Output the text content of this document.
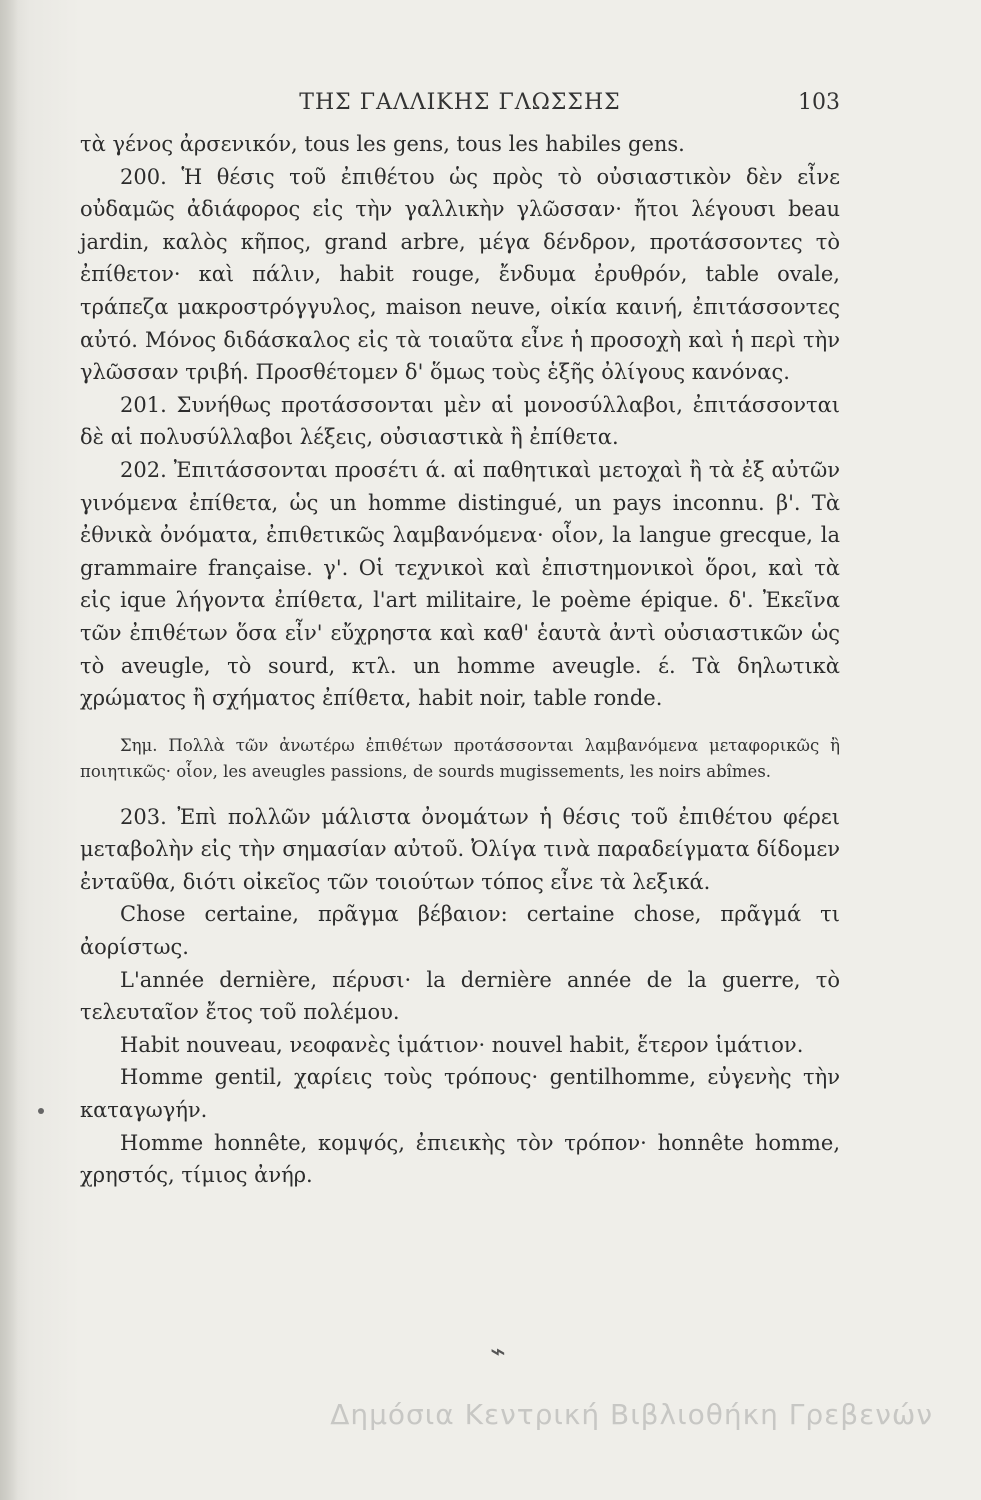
ΤΗΣ ΓΑΛΛΙΚΗΣ ΓΛΩΣΣΗΣ	103

τὰ γένος ἀρσενικόν, tous les gens, tous les habiles gens.

200. Ἡ θέσις τοῦ ἐπιθέτου ὡς πρὸς τὸ οὐσιαστικὸν δὲν εἶνε οὐδαμῶς ἀδιάφορος εἰς τὴν γαλλικὴν γλῶσσαν· ἤτοι λέγουσι beau jardin, καλὸς κῆπος, grand arbre, μέγα δένδρον, προτάσσοντες τὸ ἐπίθετον· καὶ πάλιν, habit rouge, ἔνδυμα ἐρυθρόν, table ovale, τράπεζα μακροστρόγγυλος, maison neuve, οἰκία καινή, ἐπιτάσσοντες αὐτό. Μόνος διδάσκαλος εἰς τὰ τοιαῦτα εἶνε ἡ προσοχὴ καὶ ἡ περὶ τὴν γλῶσσαν τριβή. Προσθέτομεν δ' ὅμως τοὺς ἑξῆς ὀλίγους κανόνας.

201. Συνήθως προτάσσονται μὲν αἱ μονοσύλλαβοι, ἐπιτάσσονται δὲ αἱ πολυσύλλαβοι λέξεις, οὐσιαστικὰ ἢ ἐπίθετα.

202. Ἐπιτάσσονται προσέτι ά. αἱ παθητικαὶ μετοχαὶ ἢ τὰ ἐξ αὐτῶν γινόμενα ἐπίθετα, ὡς un homme distingué, un pays inconnu. β'. Τὰ ἐθνικὰ ὀνόματα, ἐπιθετικῶς λαμβανόμενα· οἷον, la langue grecque, la grammaire française. γ'. Οἱ τεχνικοὶ καὶ ἐπιστημονικοὶ ὅροι, καὶ τὰ εἰς ique λήγοντα ἐπίθετα, l'art militaire, le poème épique. δ'. Ἐκεῖνα τῶν ἐπιθέτων ὅσα εἶν' εὔχρηστα καὶ καθ' ἑαυτὰ ἀντὶ οὐσιαστικῶν ὡς τὸ aveugle, τὸ sourd, κτλ. un homme aveugle. έ. Τὰ δηλωτικὰ χρώματος ἢ σχήματος ἐπίθετα, habit noir, table ronde.

Σημ. Πολλὰ τῶν ἀνωτέρω ἐπιθέτων προτάσσονται λαμβανόμενα μεταφορικῶς ἢ ποιητικῶς· οἷον, les aveugles passions, de sourds mugissements, les noirs abîmes.

203. Ἐπὶ πολλῶν μάλιστα ὀνομάτων ἡ θέσις τοῦ ἐπιθέτου φέρει μεταβολὴν εἰς τὴν σημασίαν αὐτοῦ. Ὀλίγα τινὰ παραδείγματα δίδομεν ἐνταῦθα, διότι οἰκεῖος τῶν τοιούτων τόπος εἶνε τὰ λεξικά.

Chose certaine, πρᾶγμα βέβαιον: certaine chose, πρᾶγμά τι ἀορίστως.

L'année dernière, πέρυσι· la dernière année de la guerre, τὸ τελευταῖον ἔτος τοῦ πολέμου.

Habit nouveau, νεοφανὲς ἱμάτιον· nouvel habit, ἕτερον ἱμάτιον.

Homme gentil, χαρίεις τοὺς τρόπους· gentilhomme, εὐγενὴς τὴν καταγωγήν.

Homme honnête, κομψός, ἐπιεικὴς τὸν τρόπον· honnête homme, χρηστός, τίμιος ἀνήρ.

⌁
Δημόσια Κεντρική Βιβλιοθήκη Γρεβενών
